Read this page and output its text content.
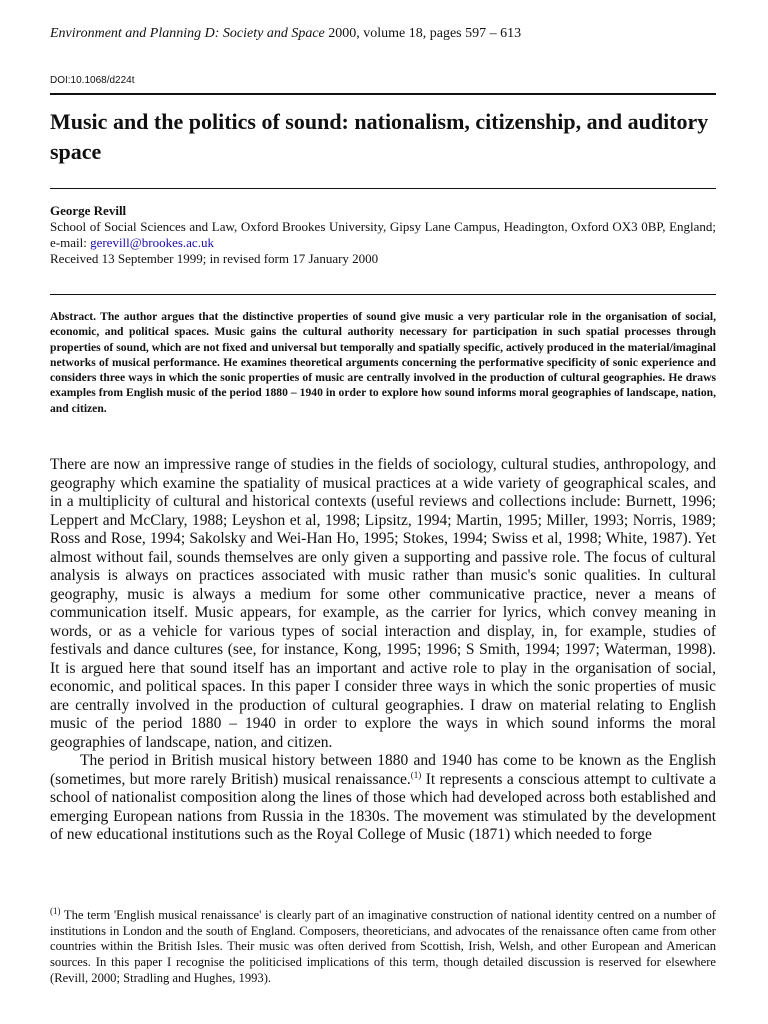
Environment and Planning D: Society and Space 2000, volume 18, pages 597 – 613
DOI:10.1068/d224t
Music and the politics of sound: nationalism, citizenship, and auditory space
George Revill
School of Social Sciences and Law, Oxford Brookes University, Gipsy Lane Campus, Headington, Oxford OX3 0BP, England; e-mail: gerevill@brookes.ac.uk
Received 13 September 1999; in revised form 17 January 2000

Abstract. The author argues that the distinctive properties of sound give music a very particular role in the organisation of social, economic, and political spaces. Music gains the cultural authority necessary for participation in such spatial processes through properties of sound, which are not fixed and universal but temporally and spatially specific, actively produced in the material/imaginal networks of musical performance. He examines theoretical arguments concerning the performative specificity of sonic experience and considers three ways in which the sonic properties of music are centrally involved in the production of cultural geographies. He draws examples from English music of the period 1880 – 1940 in order to explore how sound informs moral geographies of landscape, nation, and citizen.

There are now an impressive range of studies in the fields of sociology, cultural studies, anthropology, and geography which examine the spatiality of musical practices at a wide variety of geographical scales, and in a multiplicity of cultural and historical contexts (useful reviews and collections include: Burnett, 1996; Leppert and McClary, 1988; Leyshon et al, 1998; Lipsitz, 1994; Martin, 1995; Miller, 1993; Norris, 1989; Ross and Rose, 1994; Sakolsky and Wei-Han Ho, 1995; Stokes, 1994; Swiss et al, 1998; White, 1987). Yet almost without fail, sounds themselves are only given a supporting and passive role. The focus of cultural analysis is always on practices associated with music rather than music's sonic qualities. In cultural geography, music is always a medium for some other communicative practice, never a means of communication itself. Music appears, for example, as the carrier for lyrics, which convey meaning in words, or as a vehicle for various types of social interaction and display, in, for example, studies of festivals and dance cultures (see, for instance, Kong, 1995; 1996; S Smith, 1994; 1997; Waterman, 1998). It is argued here that sound itself has an important and active role to play in the organisation of social, economic, and political spaces. In this paper I consider three ways in which the sonic properties of music are centrally involved in the production of cultural geographies. I draw on material relating to English music of the period 1880 – 1940 in order to explore the ways in which sound informs the moral geographies of landscape, nation, and citizen.

The period in British musical history between 1880 and 1940 has come to be known as the English (sometimes, but more rarely British) musical renaissance.$^{(1)}$ It represents a conscious attempt to cultivate a school of nationalist composition along the lines of those which had developed across both established and emerging European nations from Russia in the 1830s. The movement was stimulated by the development of new educational institutions such as the Royal College of Music (1871) which needed to forge

$^{(1)}$ The term 'English musical renaissance' is clearly part of an imaginative construction of national identity centred on a number of institutions in London and the south of England. Composers, theoreticians, and advocates of the renaissance often came from other countries within the British Isles. Their music was often derived from Scottish, Irish, Welsh, and other European and American sources. In this paper I recognise the politicised implications of this term, though detailed discussion is reserved for elsewhere (Revill, 2000; Stradling and Hughes, 1993).
